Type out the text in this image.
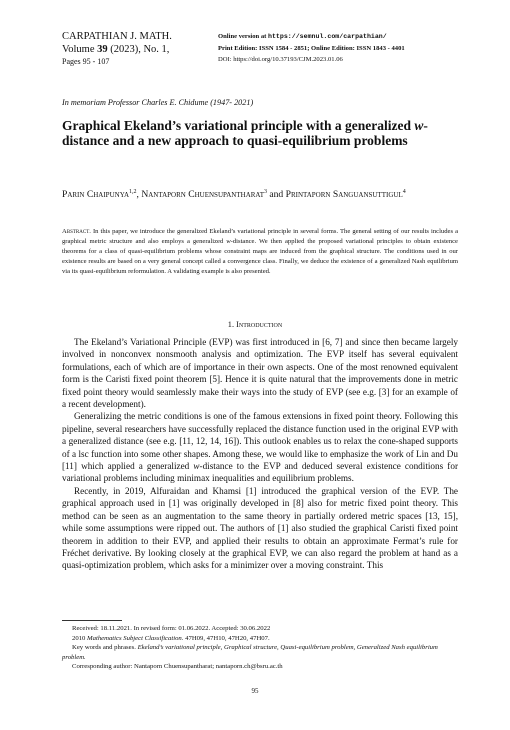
CARPATHIAN J. MATH.
Volume 39 (2023), No. 1,
Pages 95 - 107
Online version at https://semnul.com/carpathian/
Print Edition: ISSN 1584 - 2851; Online Edition: ISSN 1843 - 4401
DOI: https://doi.org/10.37193/CJM.2023.01.06
In memoriam Professor Charles E. Chidume (1947- 2021)
Graphical Ekeland’s variational principle with a generalized w-distance and a new approach to quasi-equilibrium problems
Parin Chaipunya$^{1,2}$, Nantaporn Chuensupantharat$^3$ and Printaporn Sanguansuttigul$^4$
Abstract. In this paper, we introduce the generalized Ekeland’s variational principle in several forms. The general setting of our results includes a graphical metric structure and also employs a generalized w-distance. We then applied the proposed variational principles to obtain existence theorems for a class of quasi-equilibrium problems whose constraint maps are induced from the graphical structure. The conditions used in our existence results are based on a very general concept called a convergence class. Finally, we deduce the existence of a generalized Nash equilibrium via its quasi-equilibrium reformulation. A validating example is also presented.
1. Introduction

The Ekeland’s Variational Principle (EVP) was first introduced in [6, 7] and since then became largely involved in nonconvex nonsmooth analysis and optimization. The EVP itself has several equivalent formulations, each of which are of importance in their own aspects. One of the most renowned equivalent form is the Caristi fixed point theorem [5]. Hence it is quite natural that the improvements done in metric fixed point theory would seamlessly make their ways into the study of EVP (see e.g. [3] for an example of a recent development).

Generalizing the metric conditions is one of the famous extensions in fixed point theory. Following this pipeline, several researchers have successfully replaced the distance function used in the original EVP with a generalized distance (see e.g. [11, 12, 14, 16]). This outlook enables us to relax the cone-shaped supports of a lsc function into some other shapes. Among these, we would like to emphasize the work of Lin and Du [11] which applied a generalized w-distance to the EVP and deduced several existence conditions for variational problems including minimax inequalities and equilibrium problems.

Recently, in 2019, Alfuraidan and Khamsi [1] introduced the graphical version of the EVP. The graphical approach used in [1] was originally developed in [8] also for metric fixed point theory. This method can be seen as an augmentation to the same theory in partially ordered metric spaces [13, 15], while some assumptions were ripped out. The authors of [1] also studied the graphical Caristi fixed point theorem in addition to their EVP, and applied their results to obtain an approximate Fermat’s rule for Fréchet derivative. By looking closely at the graphical EVP, we can also regard the problem at hand as a quasi-optimization problem, which asks for a minimizer over a moving constraint. This

Received: 18.11.2021. In revised form: 01.06.2022. Accepted: 30.06.2022
2010 Mathematics Subject Classification. 47H09, 47H10, 47H20, 47H07.
Key words and phrases. Ekeland’s variational principle, Graphical structure, Quasi-equilibrium problem, Generalized Nash equilibrium problem.
Corresponding author: Nantaporn Chuensupantharat; nantaporn.ch@bsru.ac.th
95
